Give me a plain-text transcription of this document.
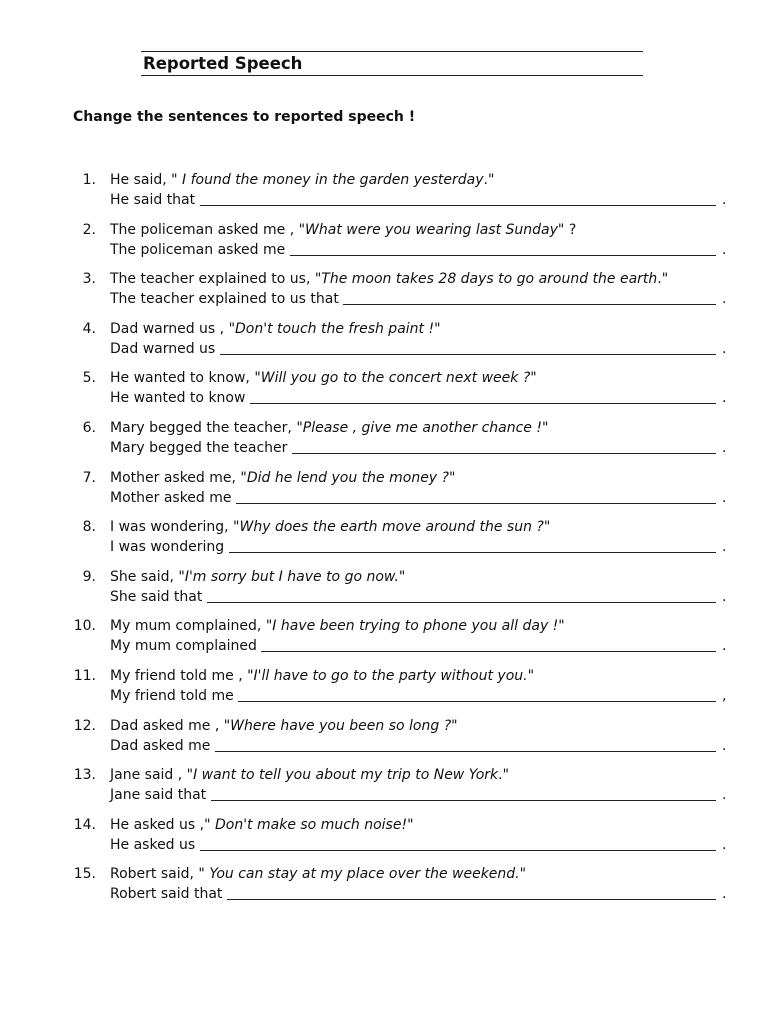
Reported Speech
Change the sentences to reported speech !
1. He said, " I found the money in the garden yesterday."
He said that	.
2. The policeman asked me , "What were you wearing last Sunday" ?
The policeman asked me	.
3. The teacher explained to us, "The moon takes 28 days to go around the earth."
The teacher explained to us that	.
4. Dad warned us , "Don't touch the fresh paint !"
Dad warned us	.
5. He wanted to know, "Will you go to the concert next week ?"
He wanted to know	.
6. Mary begged the teacher, "Please , give me another chance !"
Mary begged the teacher	.
7. Mother asked me, "Did he lend you the money ?"
Mother asked me	.
8. I was wondering, "Why does the earth move around the sun ?"
I was wondering	.
9. She said, "I'm sorry but I have to go now."
She said that	.
10. My mum complained, "I have been trying to phone you all day !"
My mum complained	.
11. My friend told me , "I'll have to go to the party without you."
My friend told me	,
12. Dad asked me , "Where have you been so long ?"
Dad asked me	.
13. Jane said , "I want to tell you about my trip to New York."
Jane said that	.
14. He asked us ," Don't make so much noise!"
He asked us	.
15. Robert said, " You can stay at my place over the weekend."
Robert said that	.
